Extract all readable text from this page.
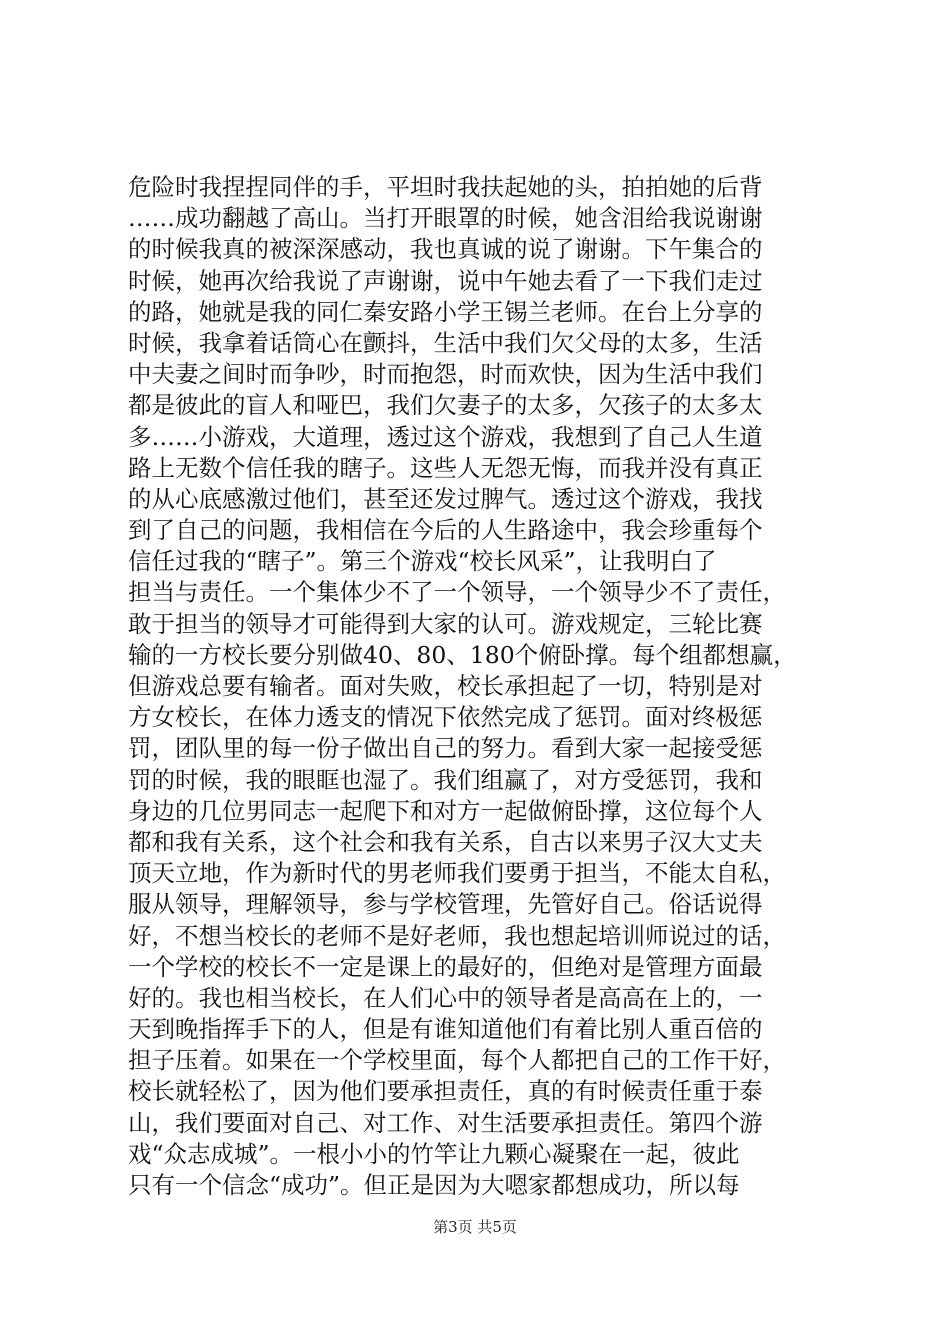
危险时我捏捏同伴的手，平坦时我扶起她的头，拍拍她的后背
……成功翻越了高山。当打开眼罩的时候，她含泪给我说谢谢
的时候我真的被深深感动，我也真诚的说了谢谢。下午集合的
时候，她再次给我说了声谢谢，说中午她去看了一下我们走过
的路，她就是我的同仁秦安路小学王锡兰老师。在台上分享的
时候，我拿着话筒心在颤抖，生活中我们欠父母的太多，生活
中夫妻之间时而争吵，时而抱怨，时而欢快，因为生活中我们
都是彼此的盲人和哑巴，我们欠妻子的太多，欠孩子的太多太
多……小游戏，大道理，透过这个游戏，我想到了自己人生道
路上无数个信任我的瞎子。这些人无怨无悔，而我并没有真正
的从心底感激过他们，甚至还发过脾气。透过这个游戏，我找
到了自己的问题，我相信在今后的人生路途中，我会珍重每个
信任过我的“瞎子”。第三个游戏“校长风采”，让我明白了
担当与责任。一个集体少不了一个领导，一个领导少不了责任，
敢于担当的领导才可能得到大家的认可。游戏规定，三轮比赛
输的一方校长要分别做40、80、180个俯卧撑。每个组都想赢，
但游戏总要有输者。面对失败，校长承担起了一切，特别是对
方女校长，在体力透支的情况下依然完成了惩罚。面对终极惩
罚，团队里的每一份子做出自己的努力。看到大家一起接受惩
罚的时候，我的眼眶也湿了。我们组赢了，对方受惩罚，我和
身边的几位男同志一起爬下和对方一起做俯卧撑，这位每个人
都和我有关系，这个社会和我有关系，自古以来男子汉大丈夫
顶天立地，作为新时代的男老师我们要勇于担当，不能太自私，
服从领导，理解领导，参与学校管理，先管好自己。俗话说得
好，不想当校长的老师不是好老师，我也想起培训师说过的话，
一个学校的校长不一定是课上的最好的，但绝对是管理方面最
好的。我也相当校长，在人们心中的领导者是高高在上的，一
天到晚指挥手下的人，但是有谁知道他们有着比别人重百倍的
担子压着。如果在一个学校里面，每个人都把自己的工作干好，
校长就轻松了，因为他们要承担责任，真的有时候责任重于泰
山，我们要面对自己、对工作、对生活要承担责任。第四个游
戏“众志成城”。一根小小的竹竿让九颗心凝聚在一起，彼此
只有一个信念“成功”。但正是因为大嗯家都想成功，所以每
第3页 共5页
